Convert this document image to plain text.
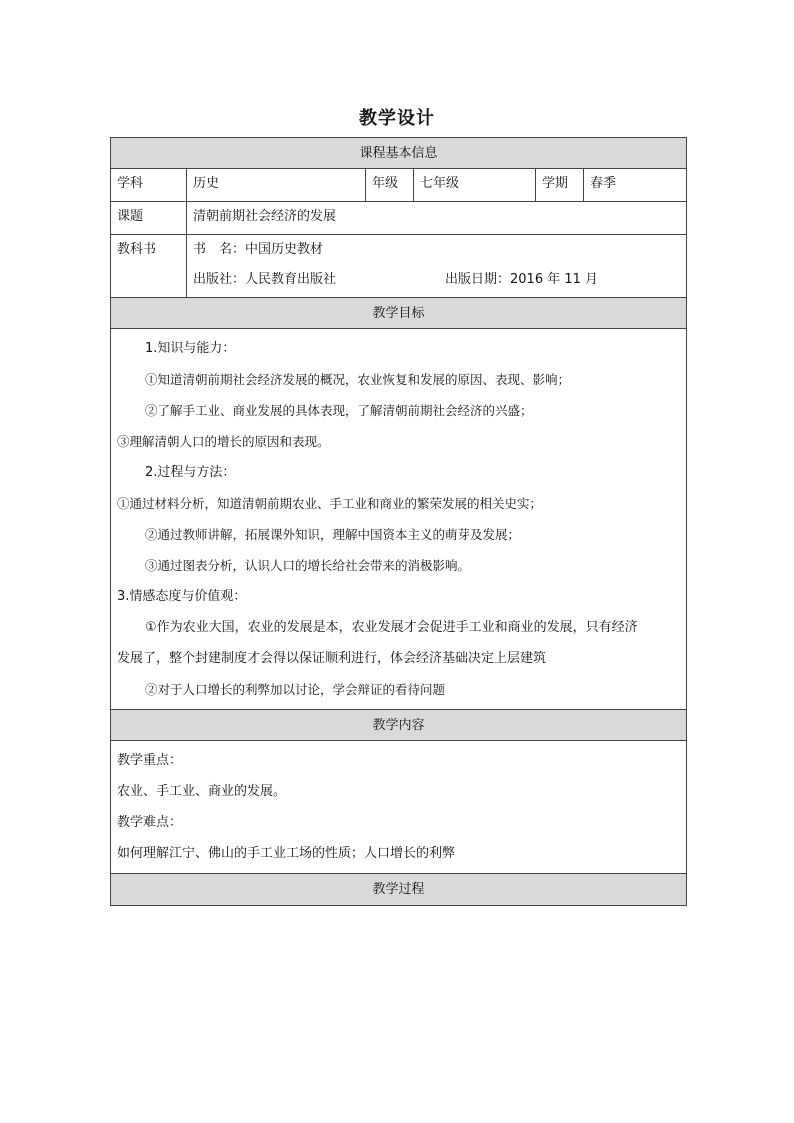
教学设计
课程基本信息
学科	历史	年级	七年级	学期	春季
课题	清朝前期社会经济的发展
教科书	书　名：中国历史教材
出版社：人民教育出版社	出版日期：2016 年 11 月
教学目标
1.知识与能力：
①知道清朝前期社会经济发展的概况，农业恢复和发展的原因、表现、影响；
②了解手工业、商业发展的具体表现，了解清朝前期社会经济的兴盛；
③理解清朝人口的增长的原因和表现。
2.过程与方法：
①通过材料分析，知道清朝前期农业、手工业和商业的繁荣发展的相关史实；
②通过教师讲解，拓展课外知识，理解中国资本主义的萌芽及发展；
③通过图表分析，认识人口的增长给社会带来的消极影响。
3.情感态度与价值观：
①作为农业大国，农业的发展是本，农业发展才会促进手工业和商业的发展，只有经济
发展了，整个封建制度才会得以保证顺利进行，体会经济基础决定上层建筑
②对于人口增长的利弊加以讨论，学会辩证的看待问题
教学内容
教学重点：
农业、手工业、商业的发展。
教学难点：
如何理解江宁、佛山的手工业工场的性质；人口增长的利弊
教学过程
